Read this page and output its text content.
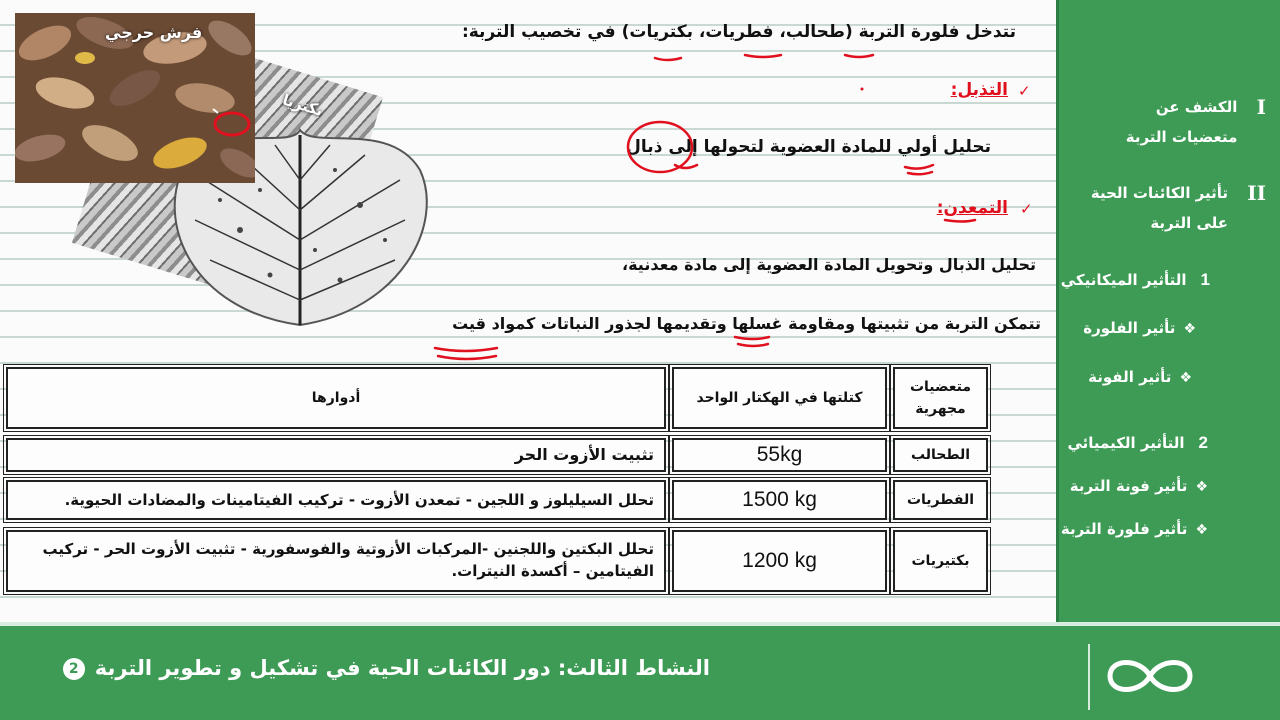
بكتريا
فرش حرجي	تتدخل فلورة التربة (طحالب، فطريات، بكتريات) في تخصيب التربة:
✓
التذبل:
تحليل أولي للمادة العضوية لتحولها إلى ذبال
✓
التمعدن:
تحليل الذبال وتحويل المادة العضوية إلى مادة معدنية،
تتمكن التربة من تثبيتها ومقاومة غسلها وتقديمها لجذور النباتات كمواد قيت
متعضيات مجهرية
كتلتها في الهكتار الواحد
أدوارها
الطحالب
55kg
تثبيت الأزوت الحر
الفطريات
1500 kg
تحلل السيليلوز و اللجين - تمعدن الأزوت - تركيب الفيتامينات والمضادات الحيوية.
بكتيريات
1200 kg
تحلل البكتين واللجنين -المركبات الأزوتية والفوسفورية - تثبيت الأزوت الحر - تركيب الفيتامين – أكسدة النيترات.
I الكشف عن متعضيات التربة
II تأثير الكائنات الحية على التربة
1التأثير الميكانيكي
❖تأثير الفلورة
❖تأثير الفونة
2التأثير الكيميائي
❖تأثير فونة التربة
❖تأثير فلورة التربة
النشاط الثالث: دور الكائنات الحية في تشكيل و تطوير التربة2
